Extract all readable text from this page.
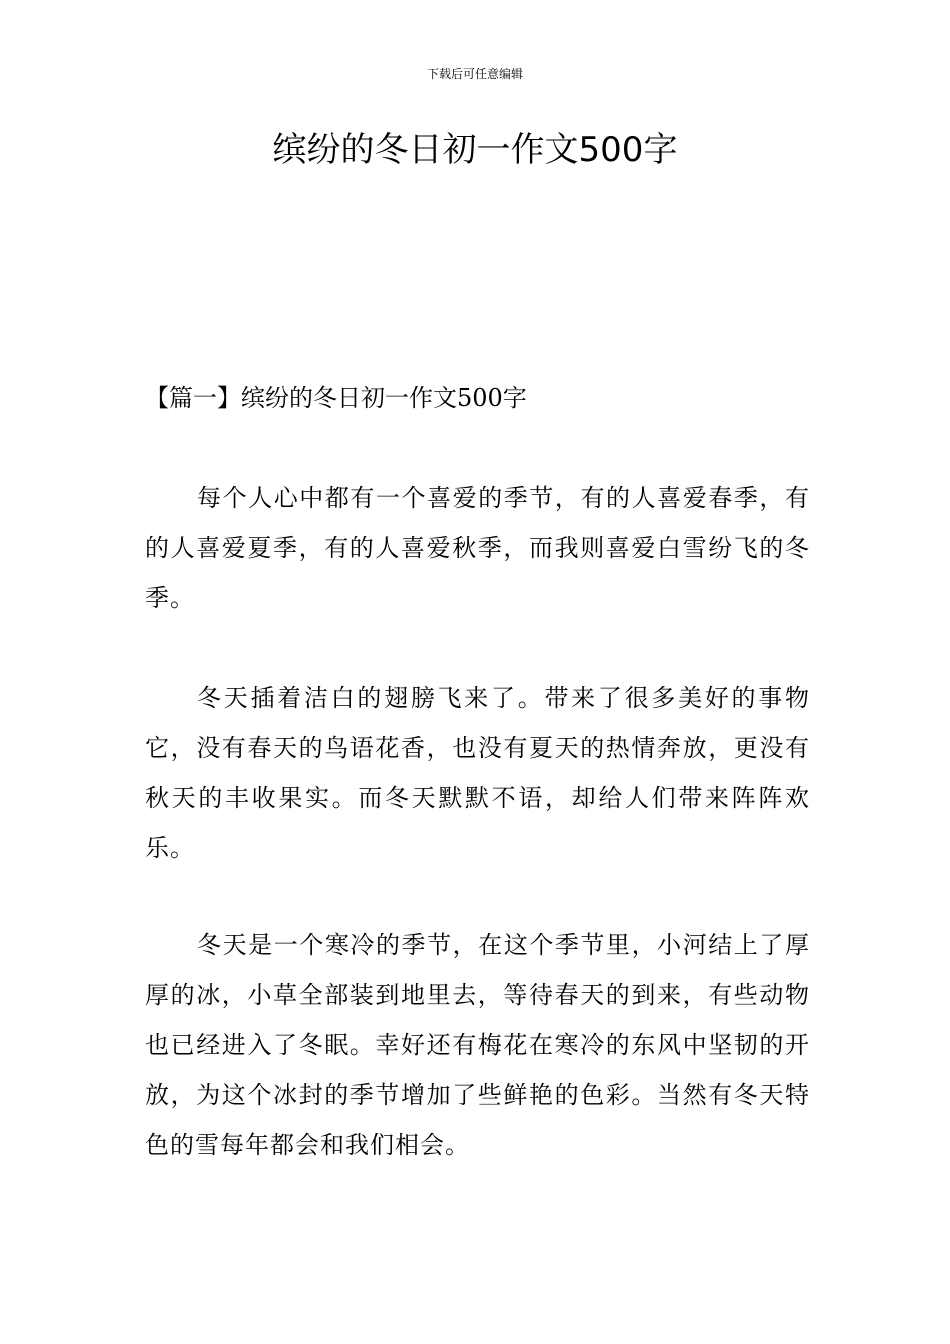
下载后可任意编辑
缤纷的冬日初一作文500字

【篇一】缤纷的冬日初一作文500字

每个人心中都有一个喜爱的季节，有的人喜爱春季，有的人喜爱夏季，有的人喜爱秋季，而我则喜爱白雪纷飞的冬季。

冬天插着洁白的翅膀飞来了。带来了很多美好的事物它，没有春天的鸟语花香，也没有夏天的热情奔放，更没有秋天的丰收果实。而冬天默默不语，却给人们带来阵阵欢乐。

冬天是一个寒冷的季节，在这个季节里，小河结上了厚厚的冰，小草全部装到地里去，等待春天的到来，有些动物也已经进入了冬眠。幸好还有梅花在寒冷的东风中坚韧的开放，为这个冰封的季节增加了些鲜艳的色彩。当然有冬天特色的雪每年都会和我们相会。
